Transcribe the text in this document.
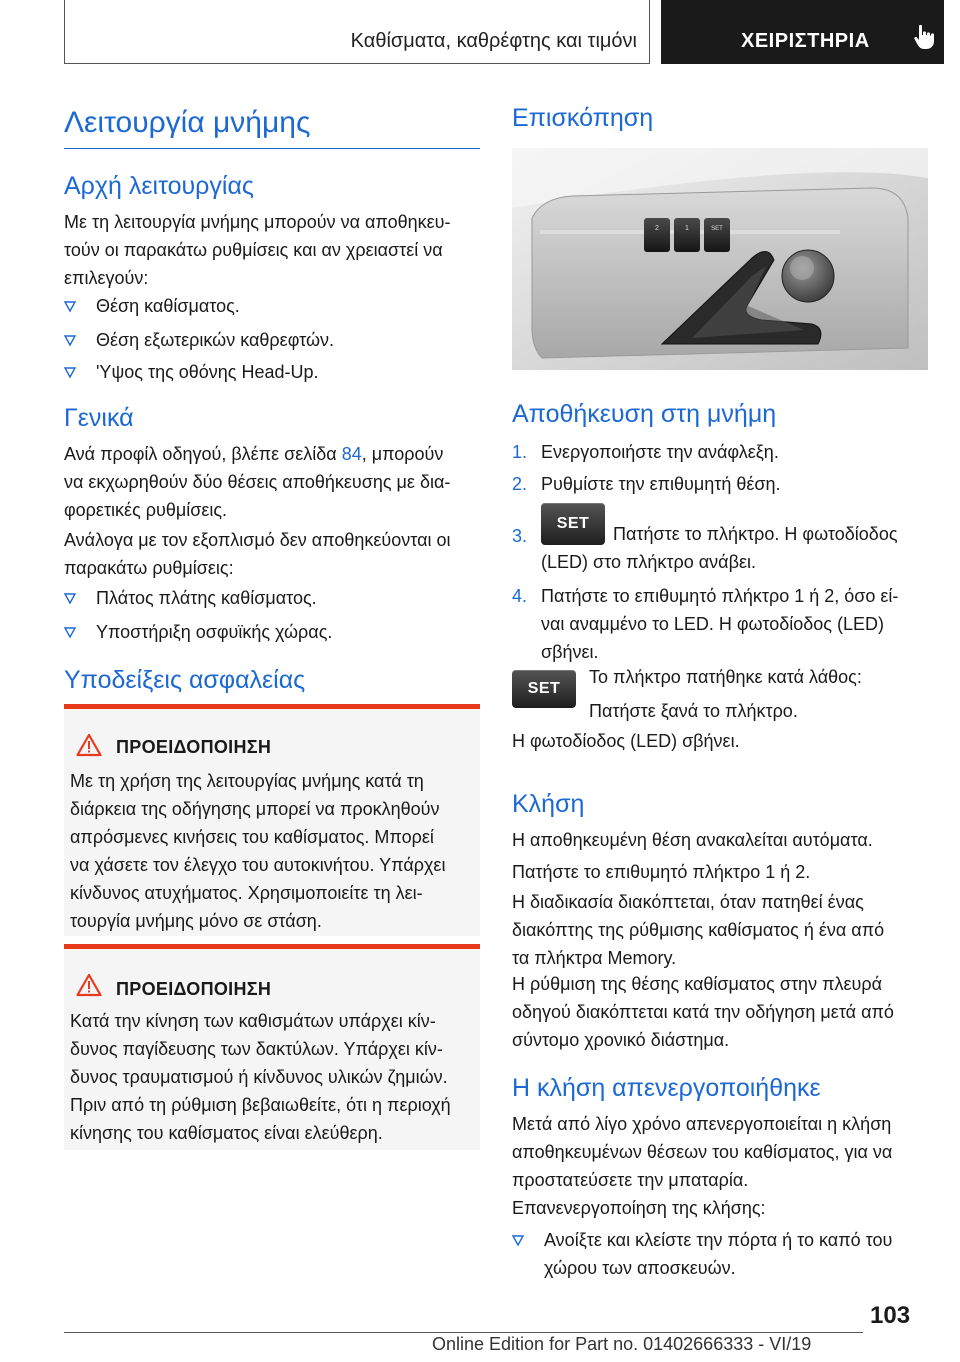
Καθίσματα, καθρέφτης και τιμόνι	ΧΕΙΡΙΣΤΗΡΙΑ
Λειτουργία μνήμης
Αρχή λειτουργίας
Με τη λειτουργία μνήμης μπορούν να αποθηκευ-
τούν οι παρακάτω ρυθμίσεις και αν χρειαστεί να
επιλεγούν:
Θέση καθίσματος.
Θέση εξωτερικών καθρεφτών.
'Υψος της οθόνης Head-Up.
Γενικά
Ανά προφίλ οδηγού, βλέπε σελίδα 84, μπορούν
να εκχωρηθούν δύο θέσεις αποθήκευσης με δια-
φορετικές ρυθμίσεις.
Ανάλογα με τον εξοπλισμό δεν αποθηκεύονται οι
παρακάτω ρυθμίσεις:
Πλάτος πλάτης καθίσματος.
Υποστήριξη οσφυϊκής χώρας.
Υποδείξεις ασφαλείας
ΠΡΟΕΙΔΟΠΟΙΗΣΗ
Με τη χρήση της λειτουργίας μνήμης κατά τη
διάρκεια της οδήγησης μπορεί να προκληθούν
απρόσμενες κινήσεις του καθίσματος. Μπορεί
να χάσετε τον έλεγχο του αυτοκινήτου. Υπάρχει
κίνδυνος ατυχήματος. Χρησιμοποιείτε τη λει-
τουργία μνήμης μόνο σε στάση.
ΠΡΟΕΙΔΟΠΟΙΗΣΗ
Κατά την κίνηση των καθισμάτων υπάρχει κίν-
δυνος παγίδευσης των δακτύλων. Υπάρχει κίν-
δυνος τραυματισμού ή κίνδυνος υλικών ζημιών.
Πριν από τη ρύθμιση βεβαιωθείτε, ότι η περιοχή
κίνησης του καθίσματος είναι ελεύθερη.
Επισκόπηση
2	1	SET
Αποθήκευση στη μνήμη
1. Ενεργοποιήστε την ανάφλεξη.
2. Ρυθμίστε την επιθυμητή θέση.
3.
SET
Πατήστε το πλήκτρο. Η φωτοδίοδος
(LED) στο πλήκτρο ανάβει.
4. Πατήστε το επιθυμητό πλήκτρο 1 ή 2, όσο εί-
ναι αναμμένο το LED. Η φωτοδίοδος (LED)
σβήνει.
SET
Το πλήκτρο πατήθηκε κατά λάθος:
Πατήστε ξανά το πλήκτρο.
Η φωτοδίοδος (LED) σβήνει.
Κλήση
Η αποθηκευμένη θέση ανακαλείται αυτόματα.
Πατήστε το επιθυμητό πλήκτρο 1 ή 2.
Η διαδικασία διακόπτεται, όταν πατηθεί ένας
διακόπτης της ρύθμισης καθίσματος ή ένα από
τα πλήκτρα Memory.
Η ρύθμιση της θέσης καθίσματος στην πλευρά
οδηγού διακόπτεται κατά την οδήγηση μετά από
σύντομο χρονικό διάστημα.
Η κλήση απενεργοποιήθηκε
Μετά από λίγο χρόνο απενεργοποιείται η κλήση
αποθηκευμένων θέσεων του καθίσματος, για να
προστατεύσετε την μπαταρία.
Επανενεργοποίηση της κλήσης:
Ανοίξτε και κλείστε την πόρτα ή το καπό του
χώρου των αποσκευών.
103
Online Edition for Part no. 01402666333 - VI/19
